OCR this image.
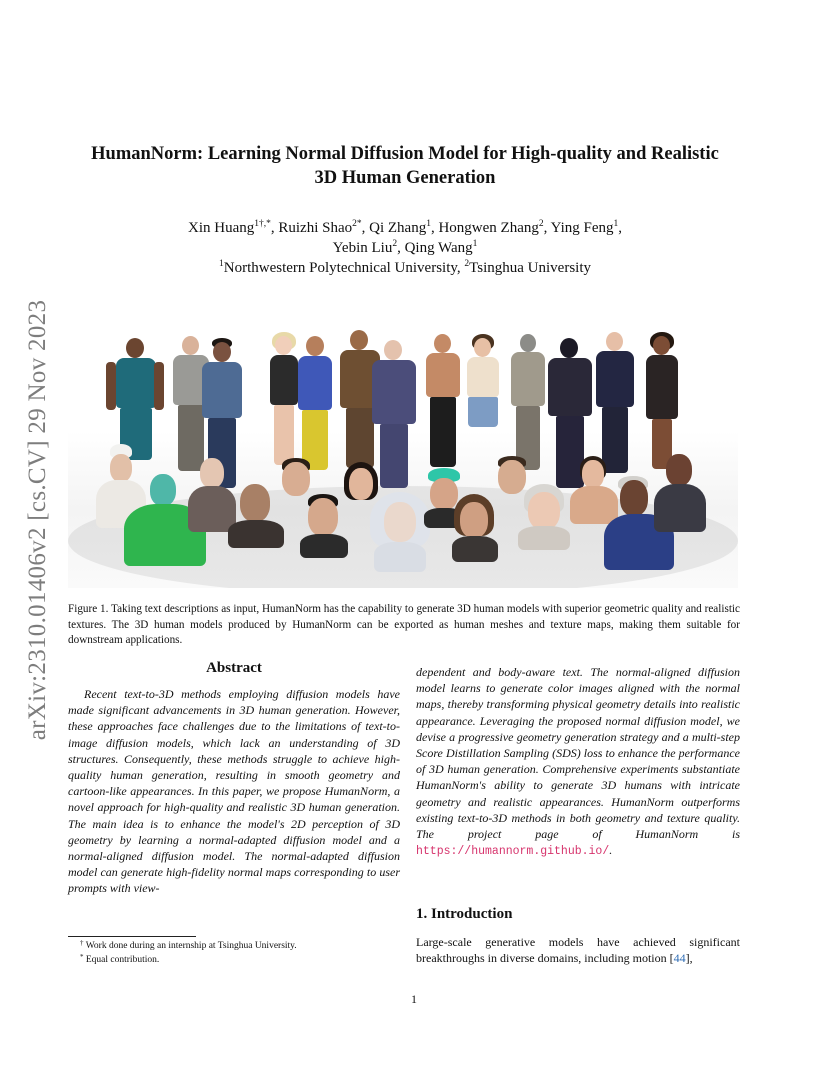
arXiv:2310.01406v2 [cs.CV] 29 Nov 2023
HumanNorm: Learning Normal Diffusion Model for High-quality and Realistic
3D Human Generation
Xin Huang$^{1\dagger,*}$, Ruizhi Shao$^{2*}$, Qi Zhang$^1$, Hongwen Zhang$^2$, Ying Feng$^1$,
Yebin Liu$^2$, Qing Wang$^1$
$^1$Northwestern Polytechnical University, $^2$Tsinghua University
Figure 1. Taking text descriptions as input, HumanNorm has the capability to generate 3D human models with superior geometric quality and realistic textures. The 3D human models produced by HumanNorm can be exported as human meshes and texture maps, making them suitable for downstream applications.
Abstract
Recent text-to-3D methods employing diffusion models have made significant advancements in 3D human generation. However, these approaches face challenges due to the limitations of text-to-image diffusion models, which lack an understanding of 3D structures. Consequently, these methods struggle to achieve high-quality human generation, resulting in smooth geometry and cartoon-like appearances. In this paper, we propose HumanNorm, a novel approach for high-quality and realistic 3D human generation. The main idea is to enhance the model's 2D perception of 3D geometry by learning a normal-adapted diffusion model and a normal-aligned diffusion model. The normal-adapted diffusion model can generate high-fidelity normal maps corresponding to user prompts with view-
dependent and body-aware text. The normal-aligned diffusion model learns to generate color images aligned with the normal maps, thereby transforming physical geometry details into realistic appearance. Leveraging the proposed normal diffusion model, we devise a progressive geometry generation strategy and a multi-step Score Distillation Sampling (SDS) loss to enhance the performance of 3D human generation. Comprehensive experiments substantiate HumanNorm's ability to generate 3D humans with intricate geometry and realistic appearances. HumanNorm outperforms existing text-to-3D methods in both geometry and texture quality. The project page of HumanNorm is https://humannorm.github.io/.
† Work done during an internship at Tsinghua University.
* Equal contribution.
1. Introduction
Large-scale generative models have achieved significant breakthroughs in diverse domains, including motion [44],
1
